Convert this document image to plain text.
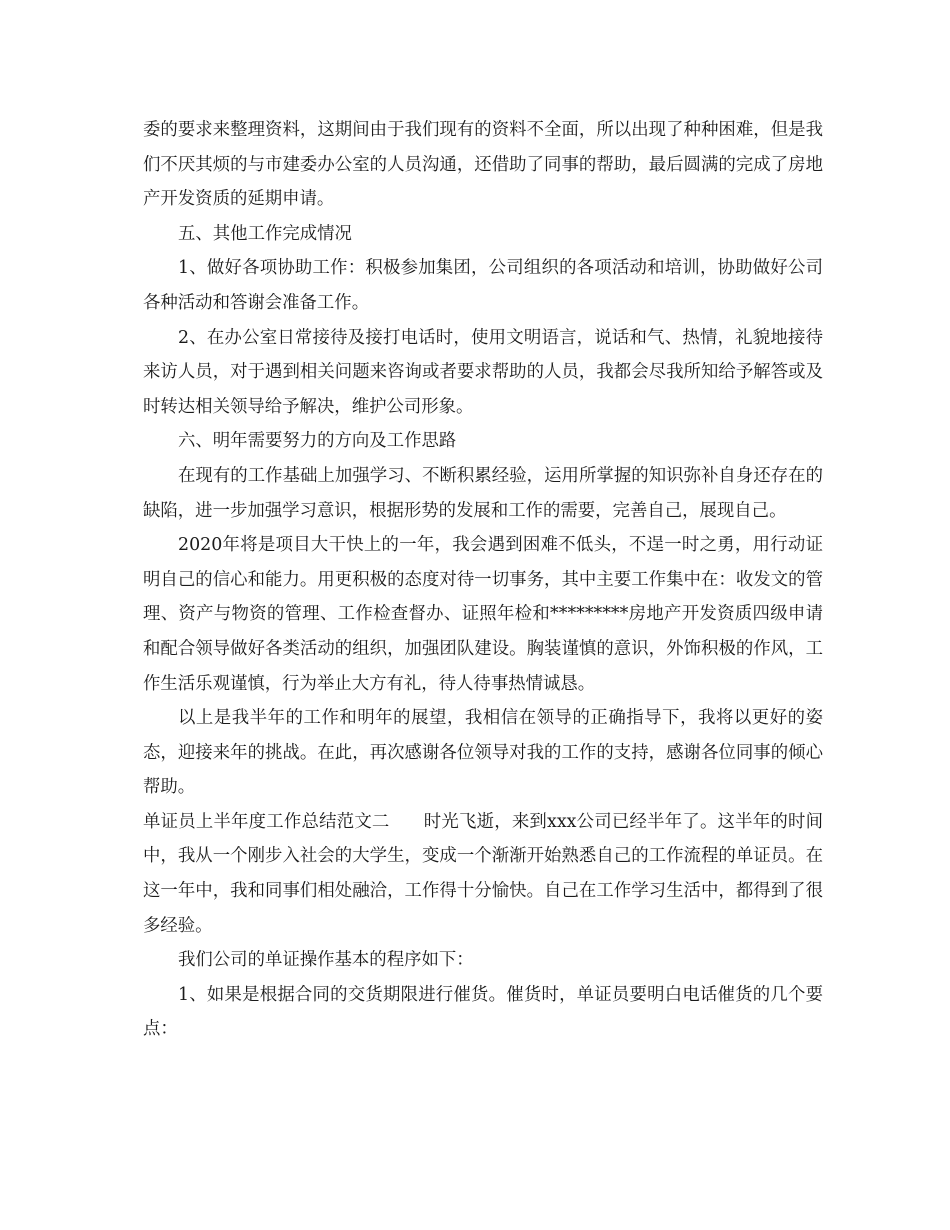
委的要求来整理资料，这期间由于我们现有的资料不全面，所以出现了种种困难，但是我们不厌其烦的与市建委办公室的人员沟通，还借助了同事的帮助，最后圆满的完成了房地产开发资质的延期申请。

五、其他工作完成情况

1、做好各项协助工作：积极参加集团，公司组织的各项活动和培训，协助做好公司各种活动和答谢会准备工作。

2、在办公室日常接待及接打电话时，使用文明语言，说话和气、热情，礼貌地接待来访人员，对于遇到相关问题来咨询或者要求帮助的人员，我都会尽我所知给予解答或及时转达相关领导给予解决，维护公司形象。

六、明年需要努力的方向及工作思路

在现有的工作基础上加强学习、不断积累经验，运用所掌握的知识弥补自身还存在的缺陷，进一步加强学习意识，根据形势的发展和工作的需要，完善自己，展现自己。

2020年将是项目大干快上的一年，我会遇到困难不低头，不逞一时之勇，用行动证明自己的信心和能力。用更积极的态度对待一切事务，其中主要工作集中在：收发文的管理、资产与物资的管理、工作检查督办、证照年检和*********房地产开发资质四级申请和配合领导做好各类活动的组织，加强团队建设。胸装谨慎的意识，外饰积极的作风，工作生活乐观谨慎，行为举止大方有礼，待人待事热情诚恳。

以上是我半年的工作和明年的展望，我相信在领导的正确指导下，我将以更好的姿态，迎接来年的挑战。在此，再次感谢各位领导对我的工作的支持，感谢各位同事的倾心帮助。

单证员上半年度工作总结范文二 时光飞逝，来到xxx公司已经半年了。这半年的时间中，我从一个刚步入社会的大学生，变成一个渐渐开始熟悉自己的工作流程的单证员。在这一年中，我和同事们相处融洽，工作得十分愉快。自己在工作学习生活中，都得到了很多经验。

我们公司的单证操作基本的程序如下：

1、如果是根据合同的交货期限进行催货。催货时，单证员要明白电话催货的几个要点：
